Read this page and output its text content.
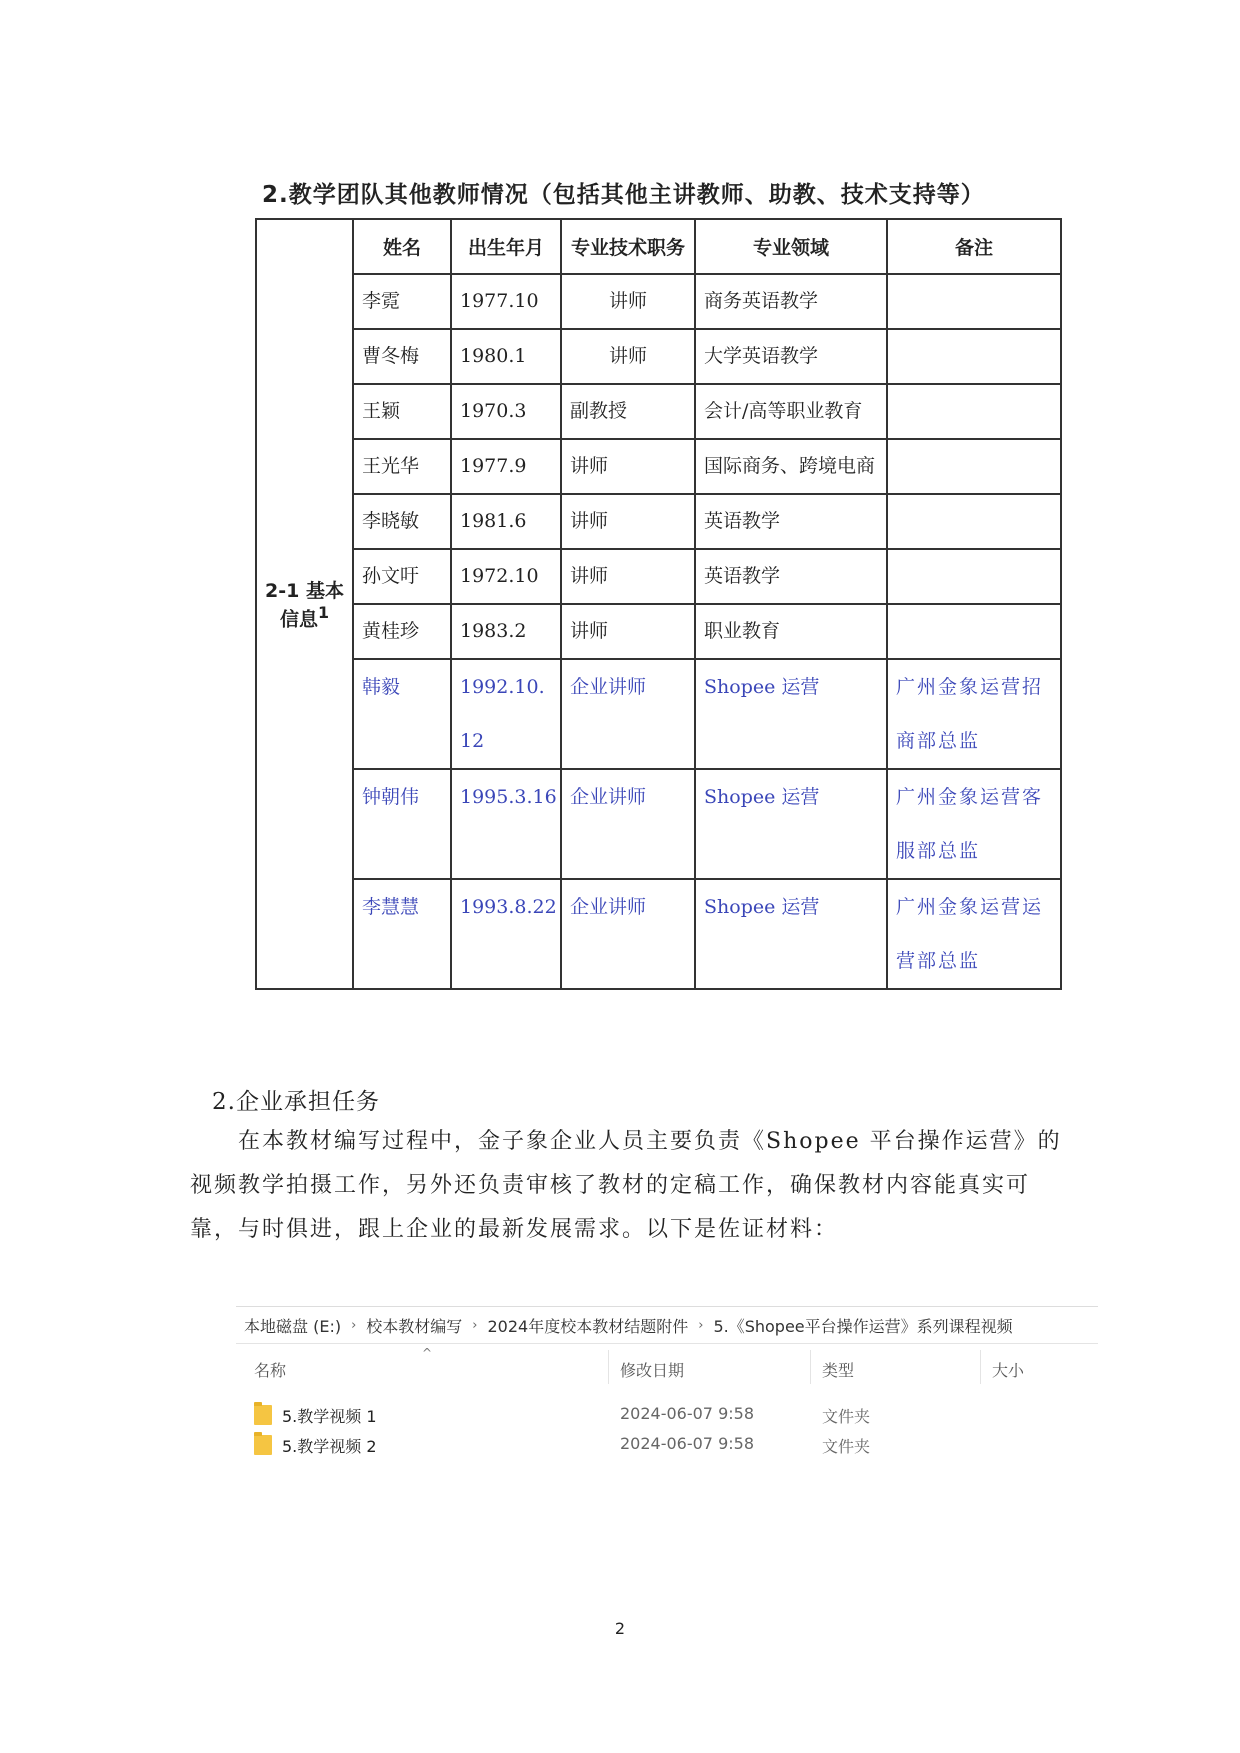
2.教学团队其他教师情况（包括其他主讲教师、助教、技术支持等）
2-1 基本
信息$^1$	姓名	出生年月	专业技术职务	专业领域	备注
	李霓	1977.10	讲师	商务英语教学	
	曹冬梅	1980.1	讲师	大学英语教学	
	王颖	1970.3	副教授	会计/高等职业教育	
	王光华	1977.9	讲师	国际商务、跨境电商	
	李晓敏	1981.6	讲师	英语教学	
	孙文吁	1972.10	讲师	英语教学	
	黄桂珍	1983.2	讲师	职业教育	
	韩毅	1992.10.12	企业讲师	Shopee 运营	广州金象运营招商部总监
	钟朝伟	1995.3.16	企业讲师	Shopee 运营	广州金象运营客服部总监
	李慧慧	1993.8.22	企业讲师	Shopee 运营	广州金象运营运营部总监
2.企业承担任务

在本教材编写过程中，金子象企业人员主要负责《Shopee 平台操作运营》的视频教学拍摄工作，另外还负责审核了教材的定稿工作，确保教材内容能真实可靠，与时俱进，跟上企业的最新发展需求。以下是佐证材料：

本地磁盘 (E:) › 校本教材编写 › 2024年度校本教材结题附件 › 5.《Shopee平台操作运营》系列课程视频
^
名称	修改日期	类型	大小
5.教学视频 1	2024-06-07 9:58	文件夹
5.教学视频 2	2024-06-07 9:58	文件夹
2
